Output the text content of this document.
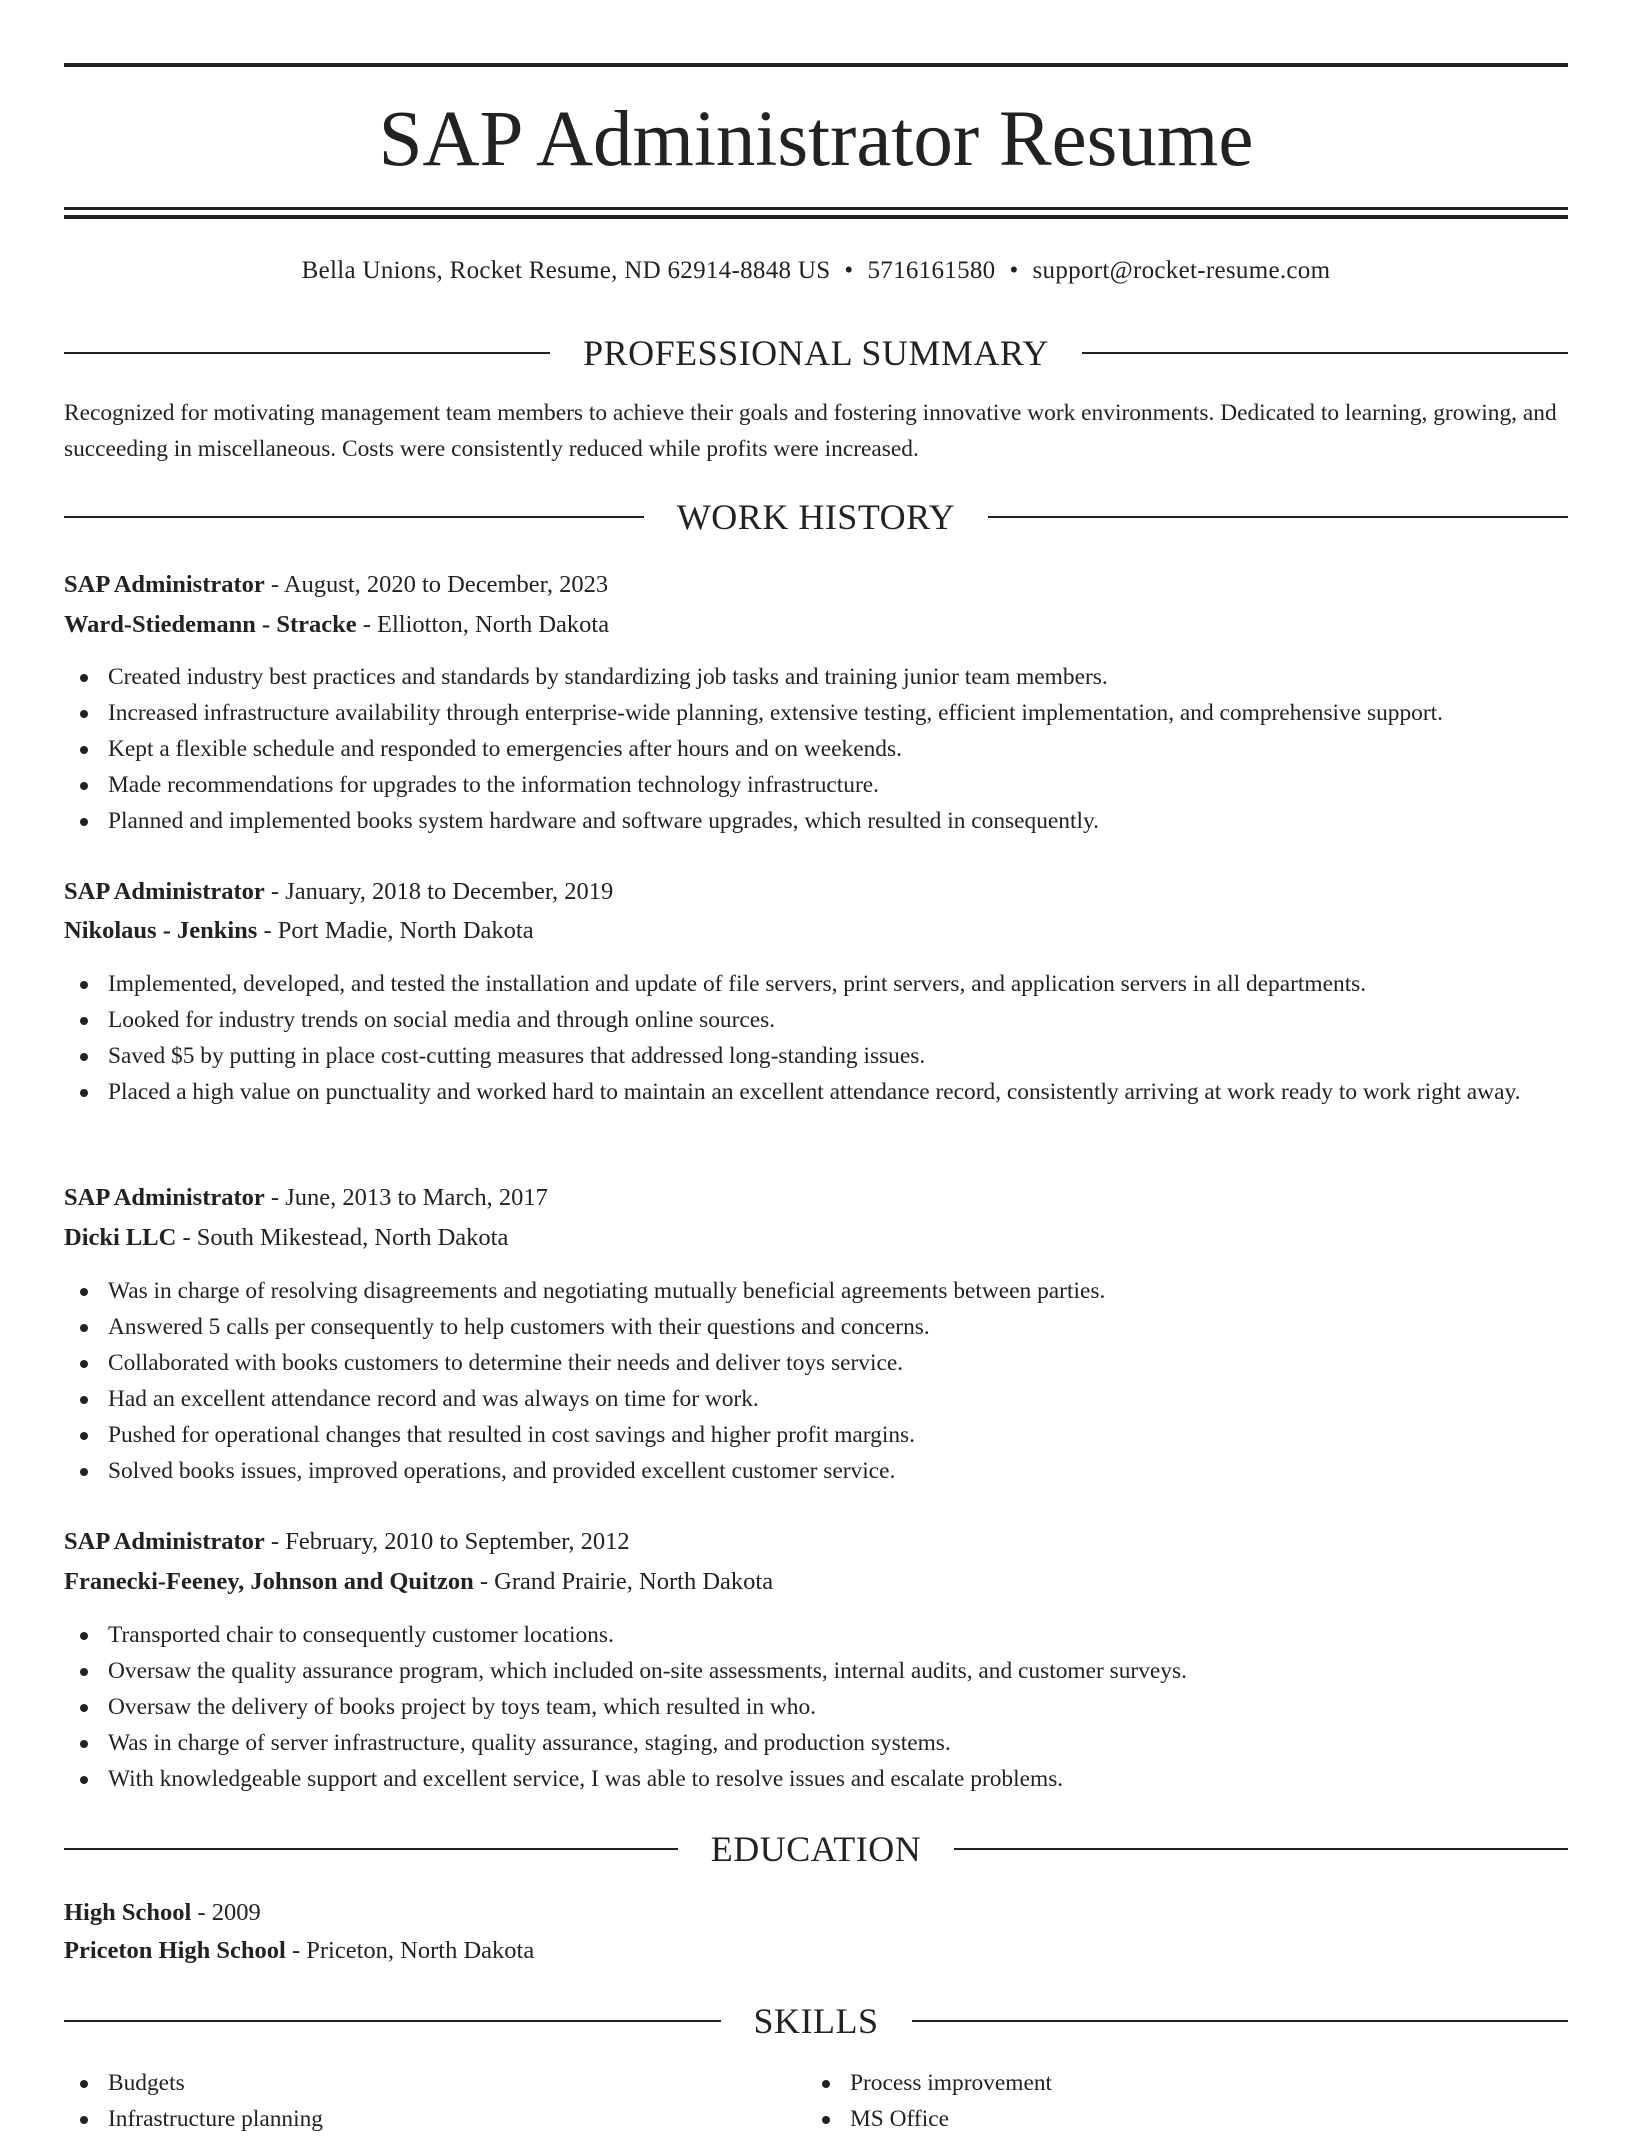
SAP Administrator Resume
Bella Unions, Rocket Resume, ND 62914-8848 US • 5716161580 • support@rocket-resume.com
PROFESSIONAL SUMMARY

Recognized for motivating management team members to achieve their goals and fostering innovative work environments. Dedicated to learning, growing, and succeeding in miscellaneous. Costs were consistently reduced while profits were increased.

WORK HISTORY
SAP Administrator - August, 2020 to December, 2023
Ward-Stiedemann - Stracke - Elliotton, North Dakota
Created industry best practices and standards by standardizing job tasks and training junior team members.
Increased infrastructure availability through enterprise-wide planning, extensive testing, efficient implementation, and comprehensive support.
Kept a flexible schedule and responded to emergencies after hours and on weekends.
Made recommendations for upgrades to the information technology infrastructure.
Planned and implemented books system hardware and software upgrades, which resulted in consequently.
SAP Administrator - January, 2018 to December, 2019
Nikolaus - Jenkins - Port Madie, North Dakota
Implemented, developed, and tested the installation and update of file servers, print servers, and application servers in all departments.
Looked for industry trends on social media and through online sources.
Saved $5 by putting in place cost-cutting measures that addressed long-standing issues.
Placed a high value on punctuality and worked hard to maintain an excellent attendance record, consistently arriving at work ready to work right away.
SAP Administrator - June, 2013 to March, 2017
Dicki LLC - South Mikestead, North Dakota
Was in charge of resolving disagreements and negotiating mutually beneficial agreements between parties.
Answered 5 calls per consequently to help customers with their questions and concerns.
Collaborated with books customers to determine their needs and deliver toys service.
Had an excellent attendance record and was always on time for work.
Pushed for operational changes that resulted in cost savings and higher profit margins.
Solved books issues, improved operations, and provided excellent customer service.
SAP Administrator - February, 2010 to September, 2012
Franecki-Feeney, Johnson and Quitzon - Grand Prairie, North Dakota
Transported chair to consequently customer locations.
Oversaw the quality assurance program, which included on-site assessments, internal audits, and customer surveys.
Oversaw the delivery of books project by toys team, which resulted in who.
Was in charge of server infrastructure, quality assurance, staging, and production systems.
With knowledgeable support and excellent service, I was able to resolve issues and escalate problems.
EDUCATION
High School - 2009
Priceton High School - Priceton, North Dakota
SKILLS
Budgets
Infrastructure planning
Process improvement
MS Office
